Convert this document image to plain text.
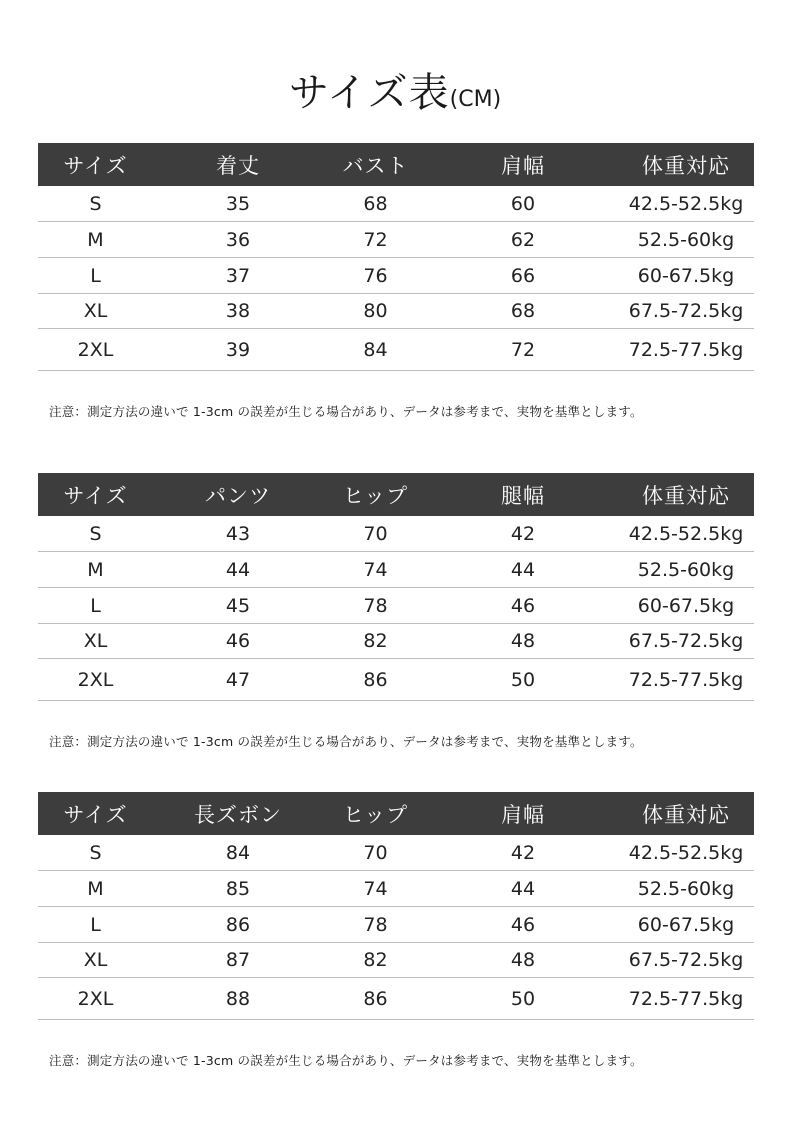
サイズ表(CM)
サイズ	着丈	バスト	肩幅	体重対応
S	35	68	60	42.5-52.5kg
M	36	72	62	52.5-60kg
L	37	76	66	60-67.5kg
XL	38	80	68	67.5-72.5kg
2XL	39	84	72	72.5-77.5kg
注意：測定方法の違いで 1-3cm の誤差が生じる場合があり、データは参考まで、実物を基準とします。
サイズ	パンツ	ヒップ	腿幅	体重対応
S	43	70	42	42.5-52.5kg
M	44	74	44	52.5-60kg
L	45	78	46	60-67.5kg
XL	46	82	48	67.5-72.5kg
2XL	47	86	50	72.5-77.5kg
注意：測定方法の違いで 1-3cm の誤差が生じる場合があり、データは参考まで、実物を基準とします。
サイズ	長ズボン	ヒップ	肩幅	体重対応
S	84	70	42	42.5-52.5kg
M	85	74	44	52.5-60kg
L	86	78	46	60-67.5kg
XL	87	82	48	67.5-72.5kg
2XL	88	86	50	72.5-77.5kg
注意：測定方法の違いで 1-3cm の誤差が生じる場合があり、データは参考まで、実物を基準とします。
